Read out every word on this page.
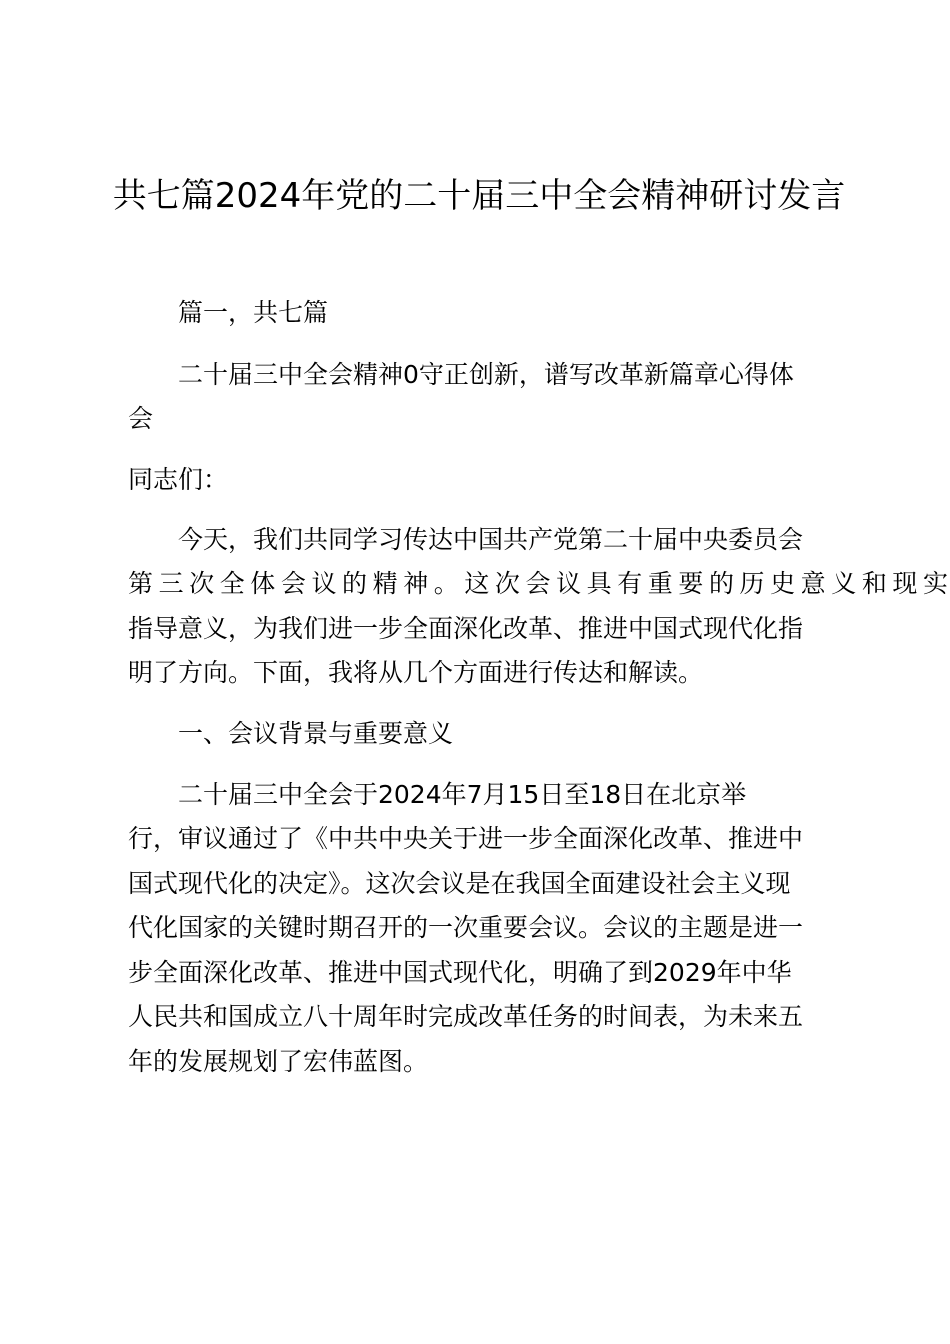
共七篇2024年党的二十届三中全会精神研讨发言

篇一，共七篇

二十届三中全会精神0守正创新，谱写改革新篇章心得体

会

同志们：

今天，我们共同学习传达中国共产党第二十届中央委员会

第三次全体会议的精神。这次会议具有重要的历史意义和现实

指导意义，为我们进一步全面深化改革、推进中国式现代化指

明了方向。下面，我将从几个方面进行传达和解读。

一、会议背景与重要意义

二十届三中全会于2024年7月15日至18日在北京举

行，审议通过了《中共中央关于进一步全面深化改革、推进中

国式现代化的决定》。这次会议是在我国全面建设社会主义现

代化国家的关键时期召开的一次重要会议。会议的主题是进一

步全面深化改革、推进中国式现代化，明确了到2029年中华

人民共和国成立八十周年时完成改革任务的时间表，为未来五

年的发展规划了宏伟蓝图。
